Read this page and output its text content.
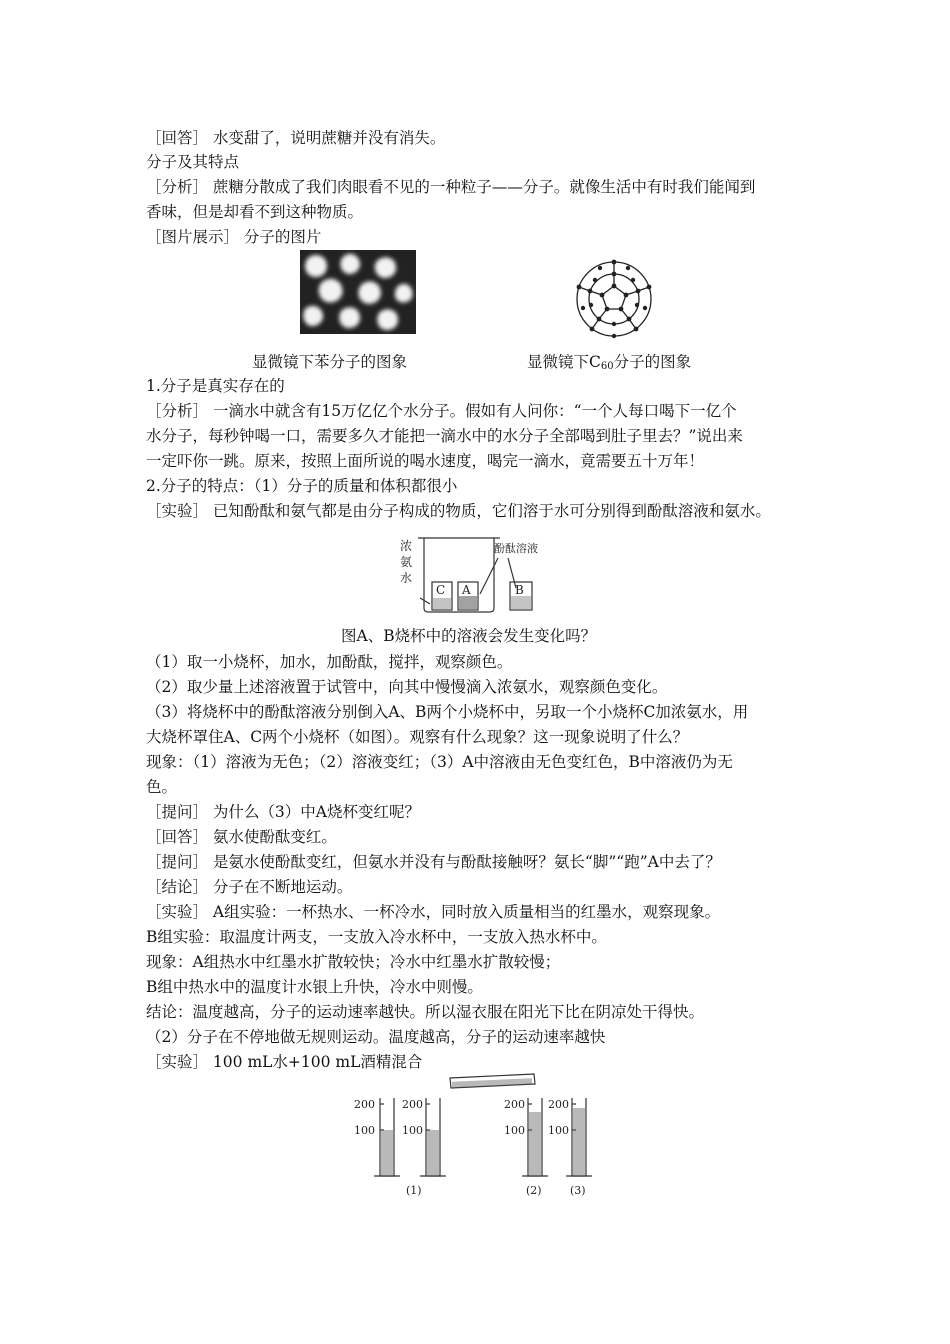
［回答］ 水变甜了，说明蔗糖并没有消失。
分子及其特点
［分析］ 蔗糖分散成了我们肉眼看不见的一种粒子——分子。就像生活中有时我们能闻到
香味，但是却看不到这种物质。
［图片展示］ 分子的图片
显微镜下苯分子的图象	显微镜下$C_{60}$分子的图象
1.分子是真实存在的
［分析］ 一滴水中就含有15万亿亿个水分子。假如有人问你：“一个人每口喝下一亿个
水分子，每秒钟喝一口，需要多久才能把一滴水中的水分子全部喝到肚子里去？”说出来
一定吓你一跳。原来，按照上面所说的喝水速度，喝完一滴水，竟需要五十万年！
2.分子的特点：（1）分子的质量和体积都很小
［实验］ 已知酚酞和氨气都是由分子构成的物质，它们溶于水可分别得到酚酞溶液和氨水。
C A	B
浓
氨
水
酚酞溶液
图A、B烧杯中的溶液会发生变化吗？
（1）取一小烧杯，加水，加酚酞，搅拌，观察颜色。
（2）取少量上述溶液置于试管中，向其中慢慢滴入浓氨水，观察颜色变化。
（3）将烧杯中的酚酞溶液分别倒入A、B两个小烧杯中，另取一个小烧杯C加浓氨水，用
大烧杯罩住A、C两个小烧杯（如图）。观察有什么现象？这一现象说明了什么？
现象：（1）溶液为无色；（2）溶液变红；（3）A中溶液由无色变红色，B中溶液仍为无
色。
［提问］ 为什么（3）中A烧杯变红呢？
［回答］ 氨水使酚酞变红。
［提问］ 是氨水使酚酞变红，但氨水并没有与酚酞接触呀？氨长“脚”“跑”A中去了？
［结论］ 分子在不断地运动。
［实验］ A组实验：一杯热水、一杯冷水，同时放入质量相当的红墨水，观察现象。
B组实验：取温度计两支，一支放入冷水杯中，一支放入热水杯中。
现象：A组热水中红墨水扩散较快；冷水中红墨水扩散较慢；
B组中热水中的温度计水银上升快，冷水中则慢。
结论：温度越高，分子的运动速率越快。所以湿衣服在阳光下比在阴凉处干得快。
（2）分子在不停地做无规则运动。温度越高，分子的运动速率越快
［实验］ 100 mL水+100 mL酒精混合
200
100
200
100
200
100
200
100
(1)	(2)	(3)
